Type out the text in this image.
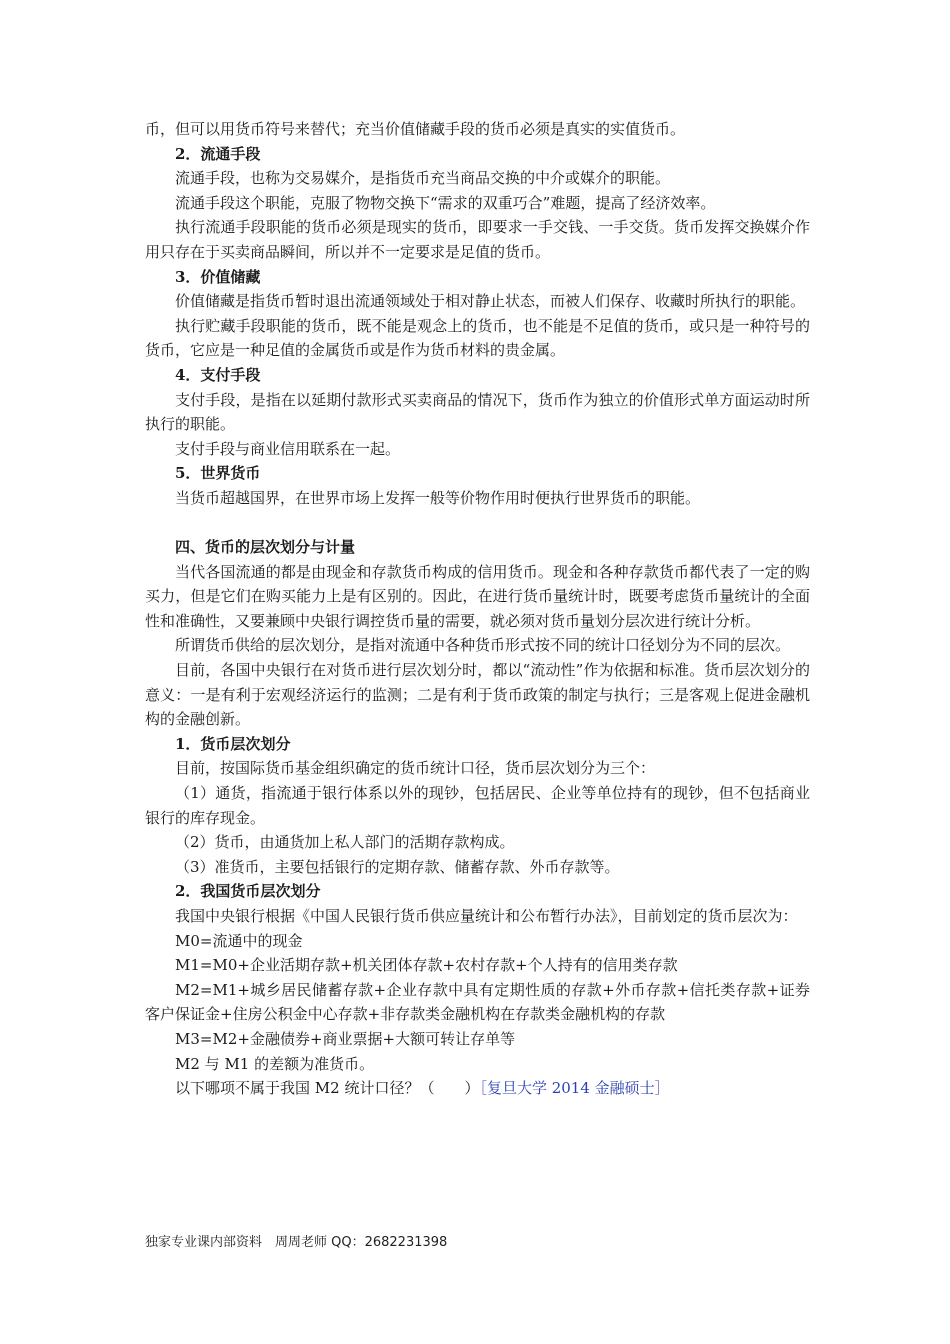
币，但可以用货币符号来替代；充当价值储藏手段的货币必须是真实的实值货币。

2．流通手段

流通手段，也称为交易媒介，是指货币充当商品交换的中介或媒介的职能。

流通手段这个职能，克服了物物交换下“需求的双重巧合”难题，提高了经济效率。

执行流通手段职能的货币必须是现实的货币，即要求一手交钱、一手交货。货币发挥交换媒介作用只存在于买卖商品瞬间，所以并不一定要求是足值的货币。

3．价值储藏

价值储藏是指货币暂时退出流通领域处于相对静止状态，而被人们保存、收藏时所执行的职能。

执行贮藏手段职能的货币，既不能是观念上的货币，也不能是不足值的货币，或只是一种符号的货币，它应是一种足值的金属货币或是作为货币材料的贵金属。

4．支付手段

支付手段，是指在以延期付款形式买卖商品的情况下，货币作为独立的价值形式单方面运动时所执行的职能。

支付手段与商业信用联系在一起。

5．世界货币

当货币超越国界，在世界市场上发挥一般等价物作用时便执行世界货币的职能。

四、货币的层次划分与计量

当代各国流通的都是由现金和存款货币构成的信用货币。现金和各种存款货币都代表了一定的购买力，但是它们在购买能力上是有区别的。因此，在进行货币量统计时，既要考虑货币量统计的全面性和准确性，又要兼顾中央银行调控货币量的需要，就必须对货币量划分层次进行统计分析。

所谓货币供给的层次划分，是指对流通中各种货币形式按不同的统计口径划分为不同的层次。

目前，各国中央银行在对货币进行层次划分时，都以“流动性”作为依据和标准。货币层次划分的意义：一是有利于宏观经济运行的监测；二是有利于货币政策的制定与执行；三是客观上促进金融机构的金融创新。

1．货币层次划分

目前，按国际货币基金组织确定的货币统计口径，货币层次划分为三个：

（1）通货，指流通于银行体系以外的现钞，包括居民、企业等单位持有的现钞，但不包括商业银行的库存现金。

（2）货币，由通货加上私人部门的活期存款构成。

（3）准货币，主要包括银行的定期存款、储蓄存款、外币存款等。

2．我国货币层次划分

我国中央银行根据《中国人民银行货币供应量统计和公布暂行办法》，目前划定的货币层次为：

M0=流通中的现金

M1=M0+企业活期存款+机关团体存款+农村存款+个人持有的信用类存款

M2=M1+城乡居民储蓄存款+企业存款中具有定期性质的存款+外币存款+信托类存款+证券客户保证金+住房公积金中心存款+非存款类金融机构在存款类金融机构的存款

M3=M2+金融债券+商业票据+大额可转让存单等

M2 与 M1 的差额为准货币。

以下哪项不属于我国 M2 统计口径？（　　）［复旦大学 2014 金融硕士］

独家专业课内部资料　周周老师 QQ：2682231398
